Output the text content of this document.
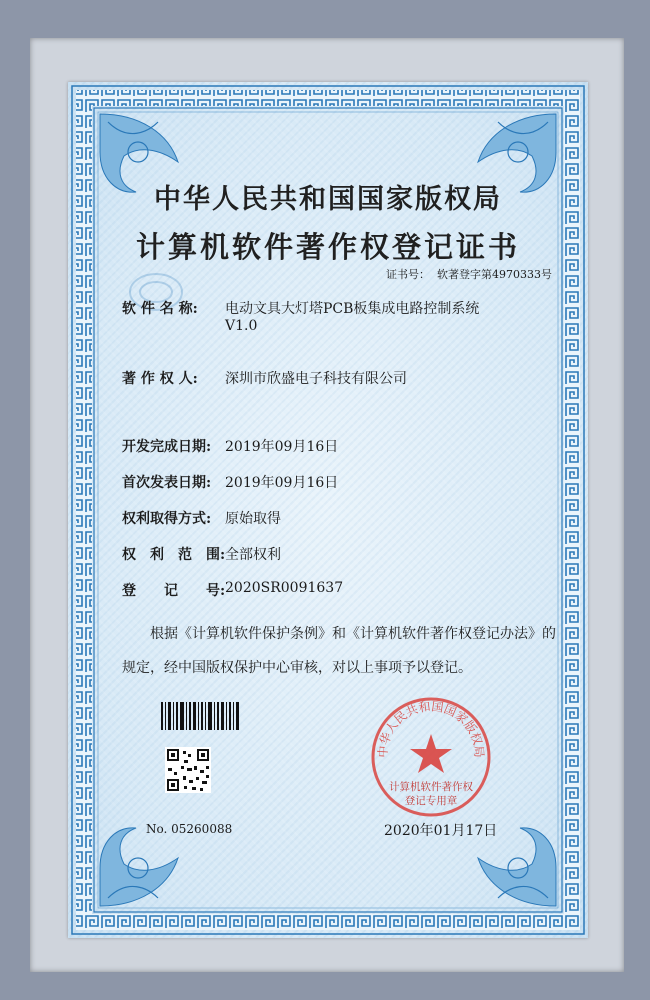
中华人民共和国国家版权局
计算机软件著作权登记证书
证书号： 软著登字第4970333号
软 件 名 称: 电动文具大灯塔PCB板集成电路控制系统
V1.0
著 作 权 人: 深圳市欣盛电子科技有限公司
开发完成日期: 2019年09月16日
首次发表日期: 2019年09月16日
权利取得方式: 原始取得
权　利　范　围: 全部权利
登　　记　　号: 2020SR0091637
根据《计算机软件保护条例》和《计算机软件著作权登记办法》的
规定，经中国版权保护中心审核，对以上事项予以登记。
中华人民共和国国家版权局
计算机软件著作权
登记专用章
No. 05260088	2020年01月17日
